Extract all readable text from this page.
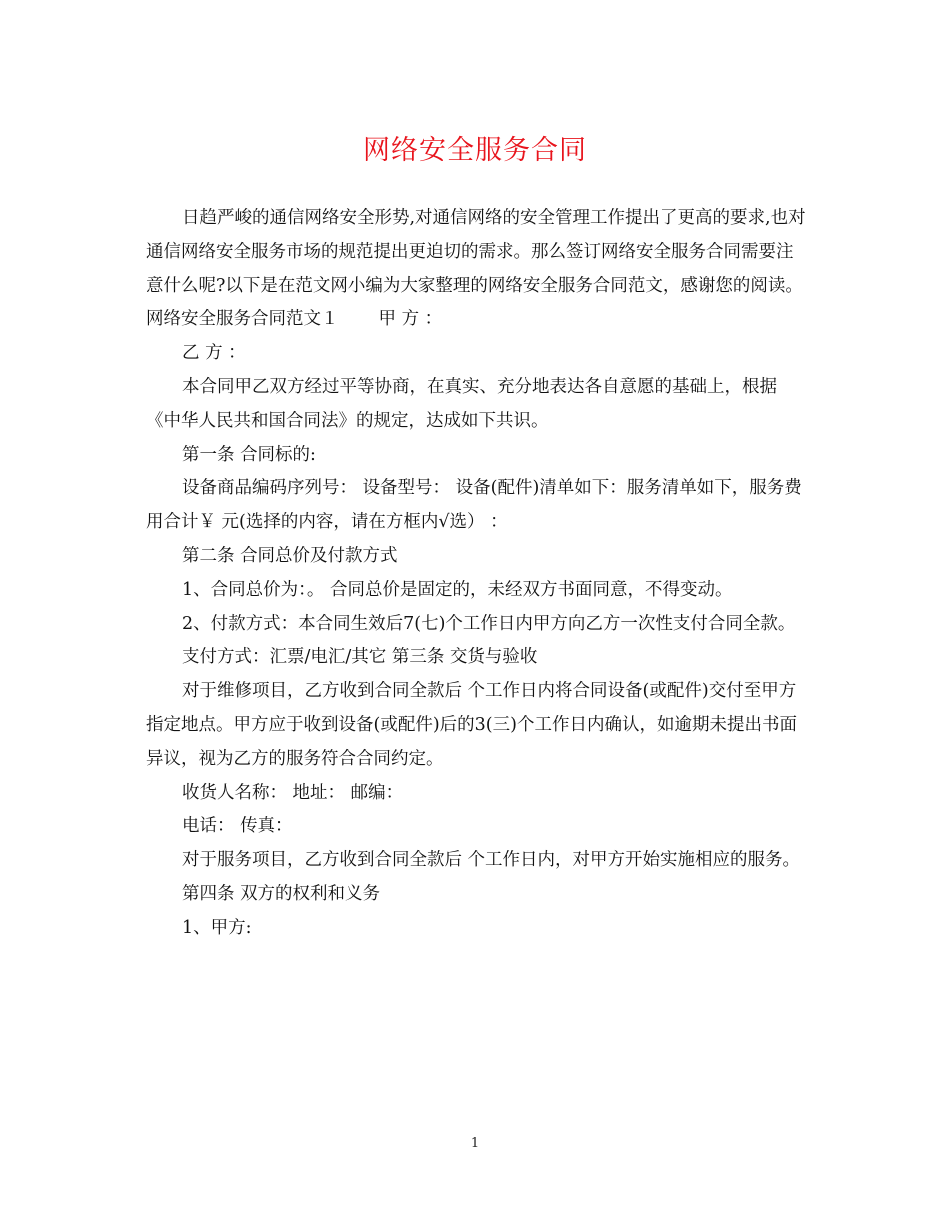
网络安全服务合同

日趋严峻的通信网络安全形势,对通信网络的安全管理工作提出了更高的要求,也对通信网络安全服务市场的规范提出更迫切的需求。那么签订网络安全服务合同需要注意什么呢?以下是在范文网小编为大家整理的网络安全服务合同范文，感谢您的阅读。

网络安全服务合同范文１ 甲 方 ：

乙 方 ：

本合同甲乙双方经过平等协商，在真实、充分地表达各自意愿的基础上，根据《中华人民共和国合同法》的规定，达成如下共识。

第一条 合同标的:

设备商品编码序列号： 设备型号： 设备(配件)清单如下：服务清单如下，服务费用合计￥ 元(选择的内容，请在方框内√选） ：

第二条 合同总价及付款方式

1、合同总价为：。 合同总价是固定的，未经双方书面同意，不得变动。

2、付款方式：本合同生效后7(七)个工作日内甲方向乙方一次性支付合同全款。

支付方式：汇票/电汇/其它 第三条 交货与验收

对于维修项目，乙方收到合同全款后 个工作日内将合同设备(或配件)交付至甲方指定地点。甲方应于收到设备(或配件)后的3(三)个工作日内确认，如逾期未提出书面异议，视为乙方的服务符合合同约定。

收货人名称： 地址： 邮编：

电话： 传真：

对于服务项目，乙方收到合同全款后 个工作日内，对甲方开始实施相应的服务。

第四条 双方的权利和义务

1、甲方:

1
